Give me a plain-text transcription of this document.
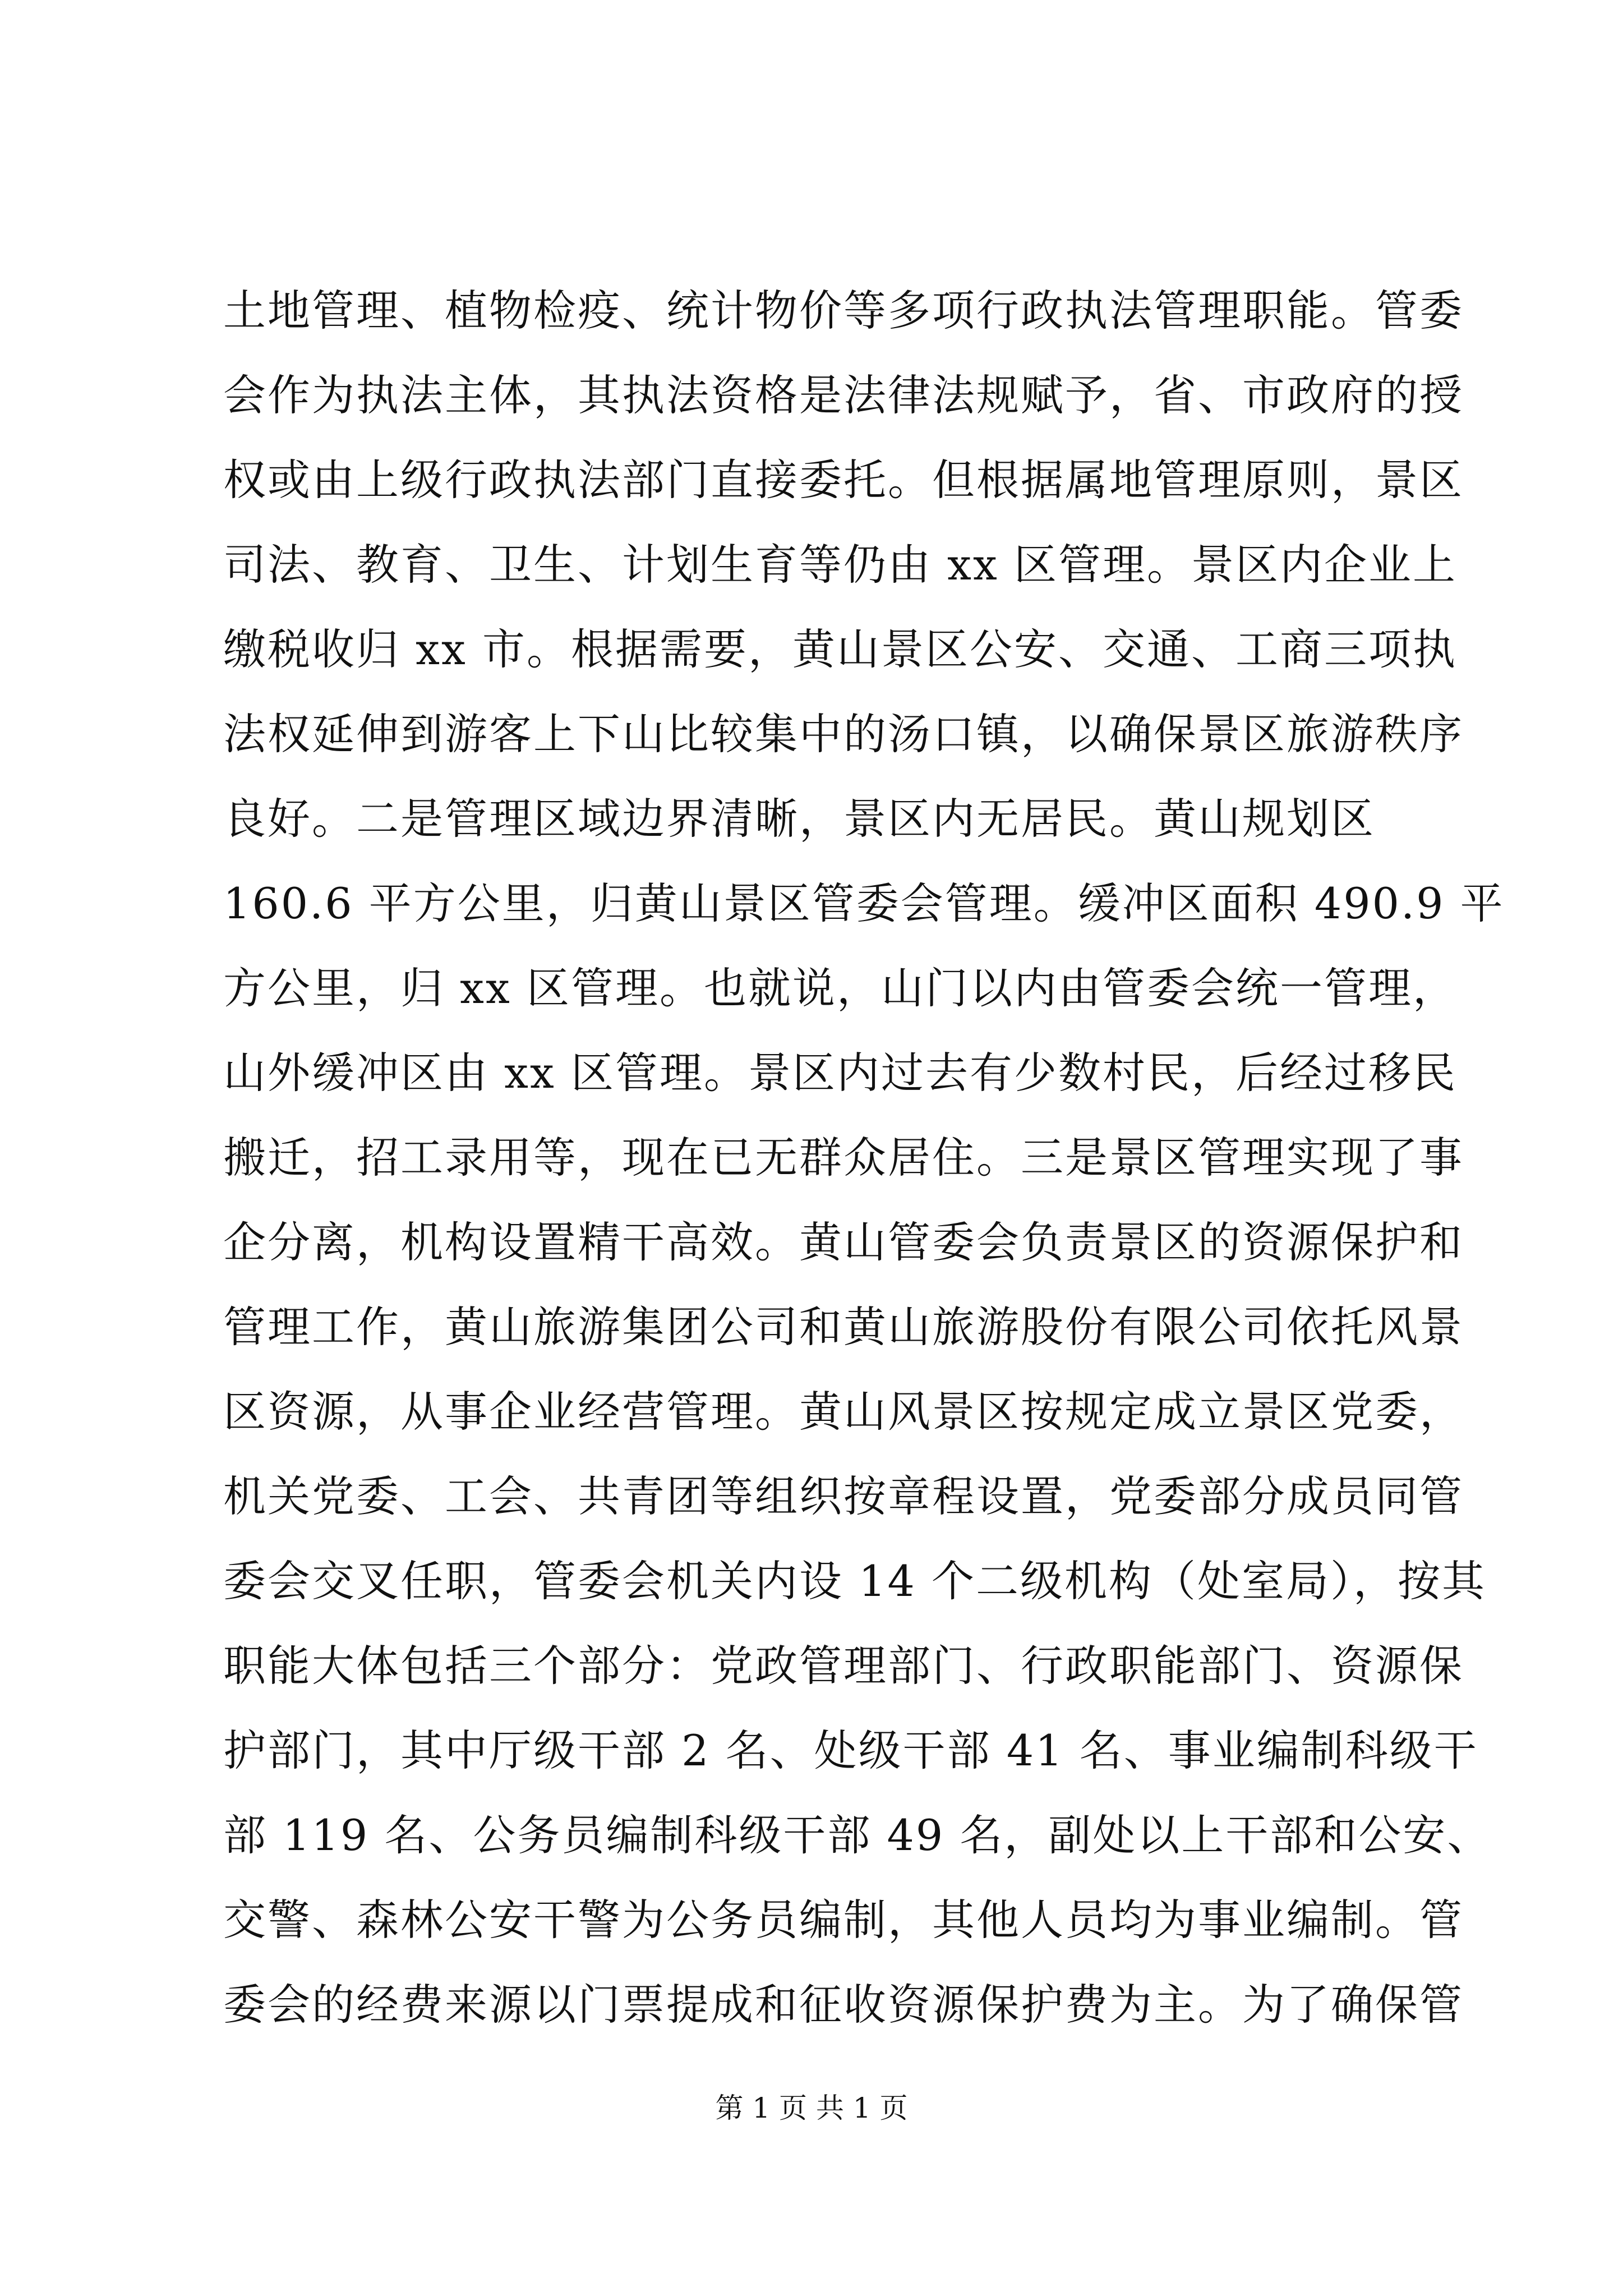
土地管理、植物检疫、统计物价等多项行政执法管理职能。管委
会作为执法主体，其执法资格是法律法规赋予，省、市政府的授
权或由上级行政执法部门直接委托。但根据属地管理原则，景区
司法、教育、卫生、计划生育等仍由 xx 区管理。景区内企业上
缴税收归 xx 市。根据需要，黄山景区公安、交通、工商三项执
法权延伸到游客上下山比较集中的汤口镇，以确保景区旅游秩序
良好。二是管理区域边界清晰，景区内无居民。黄山规划区
160.6 平方公里，归黄山景区管委会管理。缓冲区面积 490.9 平
方公里，归 xx 区管理。也就说，山门以内由管委会统一管理，
山外缓冲区由 xx 区管理。景区内过去有少数村民，后经过移民
搬迁，招工录用等，现在已无群众居住。三是景区管理实现了事
企分离，机构设置精干高效。黄山管委会负责景区的资源保护和
管理工作，黄山旅游集团公司和黄山旅游股份有限公司依托风景
区资源，从事企业经营管理。黄山风景区按规定成立景区党委，
机关党委、工会、共青团等组织按章程设置，党委部分成员同管
委会交叉任职，管委会机关内设 14 个二级机构（处室局），按其
职能大体包括三个部分：党政管理部门、行政职能部门、资源保
护部门，其中厅级干部 2 名、处级干部 41 名、事业编制科级干
部 119 名、公务员编制科级干部 49 名，副处以上干部和公安、
交警、森林公安干警为公务员编制，其他人员均为事业编制。管
委会的经费来源以门票提成和征收资源保护费为主。为了确保管
第 1 页 共 1 页
